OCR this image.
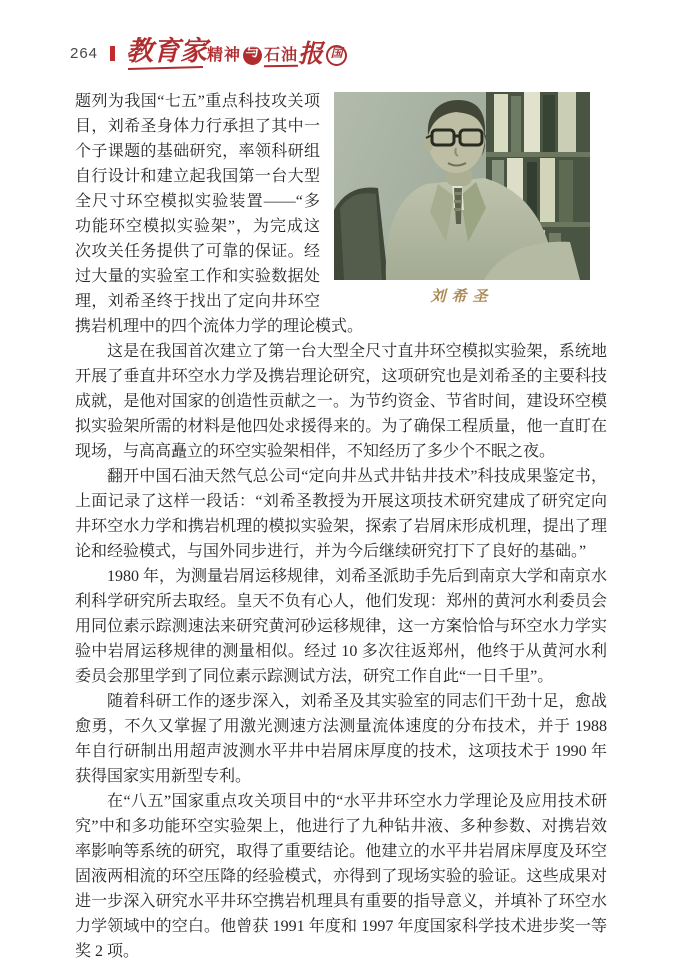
264 教育家 精神 与 石油 报 国
刘希圣

题列为我国“七五”重点科技攻关项目，刘希圣身体力行承担了其中一个子课题的基础研究，率领科研组自行设计和建立起我国第一台大型全尺寸环空模拟实验装置——“多功能环空模拟实验架”，为完成这次攻关任务提供了可靠的保证。经过大量的实验室工作和实验数据处理，刘希圣终于找出了定向井环空携岩机理中的四个流体力学的理论模式。

这是在我国首次建立了第一台大型全尺寸直井环空模拟实验架，系统地开展了垂直井环空水力学及携岩理论研究，这项研究也是刘希圣的主要科技成就，是他对国家的创造性贡献之一。为节约资金、节省时间，建设环空模拟实验架所需的材料是他四处求援得来的。为了确保工程质量，他一直盯在现场，与高高矗立的环空实验架相伴，不知经历了多少个不眠之夜。

翻开中国石油天然气总公司“定向井丛式井钻井技术”科技成果鉴定书，上面记录了这样一段话：“刘希圣教授为开展这项技术研究建成了研究定向井环空水力学和携岩机理的模拟实验架，探索了岩屑床形成机理，提出了理论和经验模式，与国外同步进行，并为今后继续研究打下了良好的基础。”

1980 年，为测量岩屑运移规律，刘希圣派助手先后到南京大学和南京水利科学研究所去取经。皇天不负有心人，他们发现：郑州的黄河水利委员会用同位素示踪测速法来研究黄河砂运移规律，这一方案恰恰与环空水力学实验中岩屑运移规律的测量相似。经过 10 多次往返郑州，他终于从黄河水利委员会那里学到了同位素示踪测试方法，研究工作自此“一日千里”。

随着科研工作的逐步深入，刘希圣及其实验室的同志们干劲十足，愈战愈勇，不久又掌握了用激光测速方法测量流体速度的分布技术，并于 1988 年自行研制出用超声波测水平井中岩屑床厚度的技术，这项技术于 1990 年获得国家实用新型专利。

在“八五”国家重点攻关项目中的“水平井环空水力学理论及应用技术研究”中和多功能环空实验架上，他进行了九种钻井液、多种参数、对携岩效率影响等系统的研究，取得了重要结论。他建立的水平井岩屑床厚度及环空固液两相流的环空压降的经验模式，亦得到了现场实验的验证。这些成果对进一步深入研究水平井环空携岩机理具有重要的指导意义，并填补了环空水力学领域中的空白。他曾获 1991 年度和 1997 年度国家科学技术进步奖一等奖 2 项。
